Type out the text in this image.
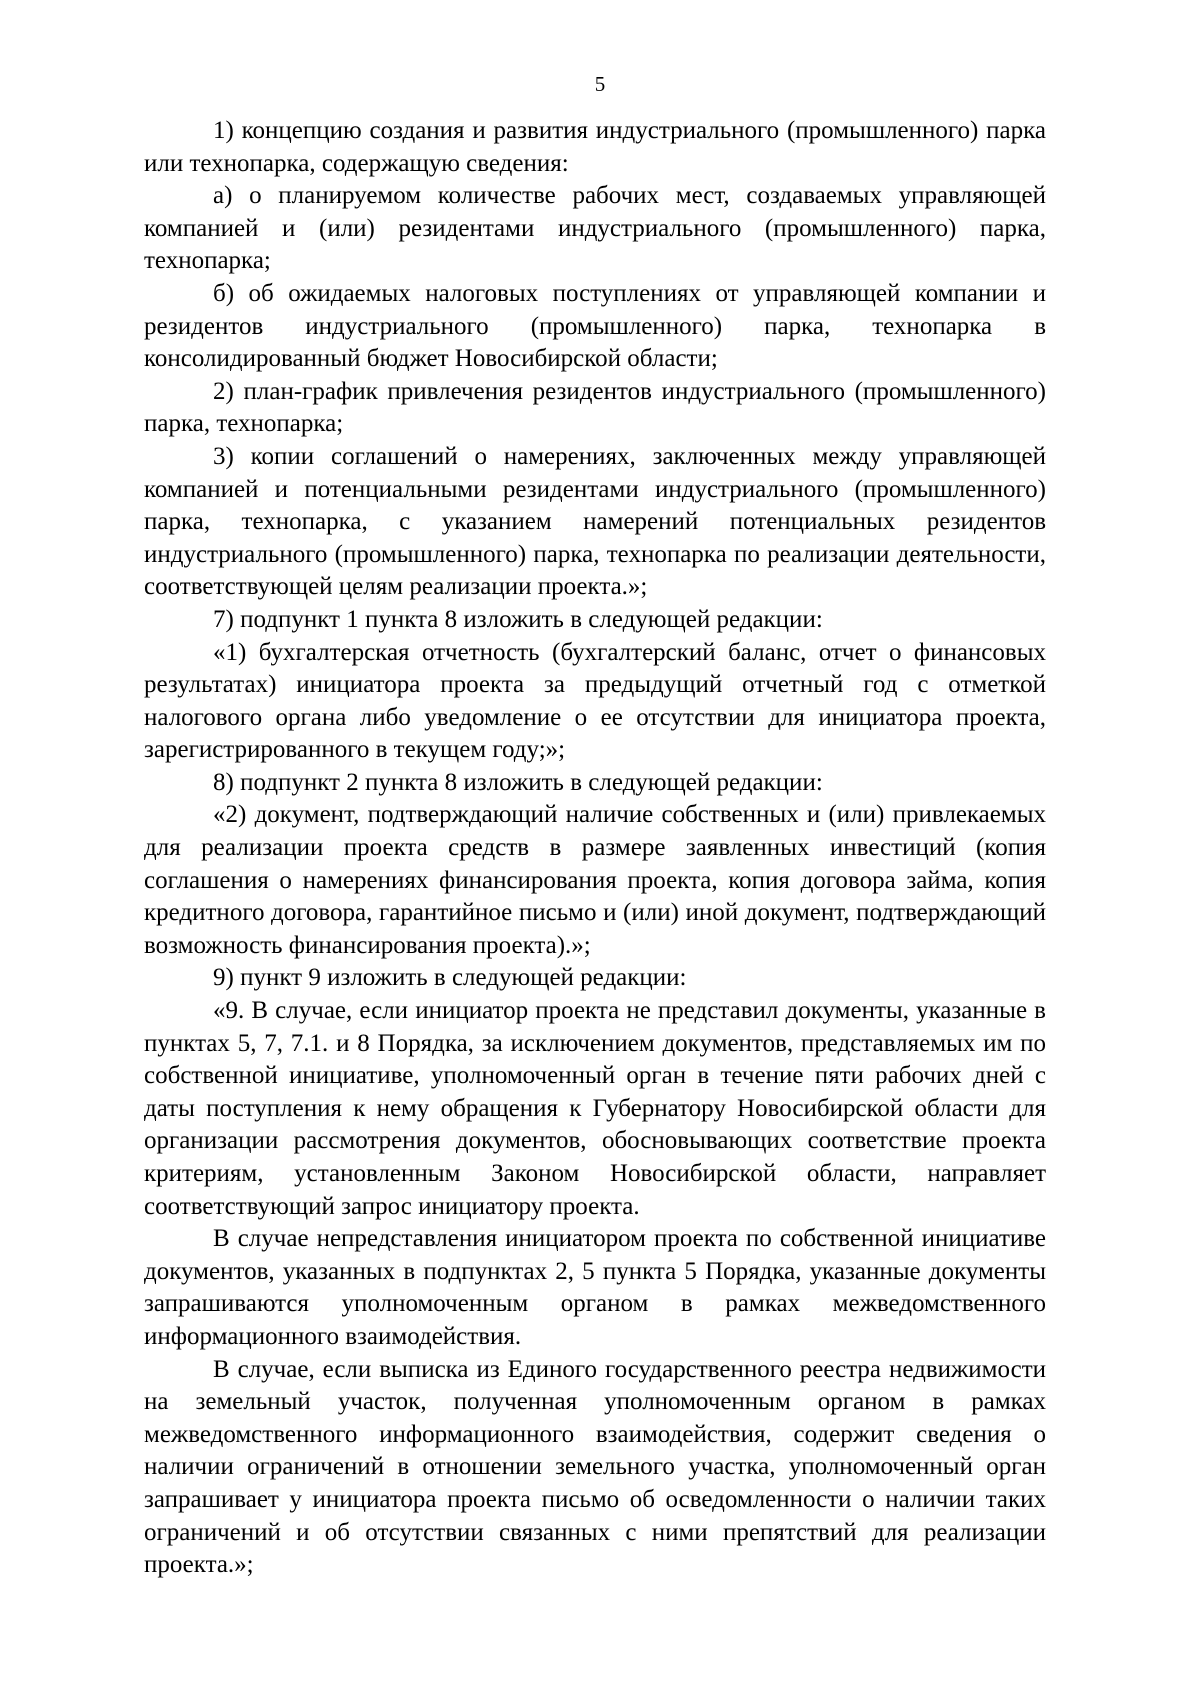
5

1) концепцию создания и развития индустриального (промышленного) парка или технопарка, содержащую сведения:

а) о планируемом количестве рабочих мест, создаваемых управляющей компанией и (или) резидентами индустриального (промышленного) парка, технопарка;

б) об ожидаемых налоговых поступлениях от управляющей компании и резидентов индустриального (промышленного) парка, технопарка в консолидированный бюджет Новосибирской области;

2) план-график привлечения резидентов индустриального (промышленного) парка, технопарка;

3) копии соглашений о намерениях, заключенных между управляющей компанией и потенциальными резидентами индустриального (промышленного) парка, технопарка, с указанием намерений потенциальных резидентов индустриального (промышленного) парка, технопарка по реализации деятельности, соответствующей целям реализации проекта.»;

7) подпункт 1 пункта 8 изложить в следующей редакции:

«1) бухгалтерская отчетность (бухгалтерский баланс, отчет о финансовых результатах) инициатора проекта за предыдущий отчетный год с отметкой налогового органа либо уведомление о ее отсутствии для инициатора проекта, зарегистрированного в текущем году;»;

8) подпункт 2 пункта 8 изложить в следующей редакции:

«2) документ, подтверждающий наличие собственных и (или) привлекаемых для реализации проекта средств в размере заявленных инвестиций (копия соглашения о намерениях финансирования проекта, копия договора займа, копия кредитного договора, гарантийное письмо и (или) иной документ, подтверждающий возможность финансирования проекта).»;

9) пункт 9 изложить в следующей редакции:

«9. В случае, если инициатор проекта не представил документы, указанные в пунктах 5, 7, 7.1. и 8 Порядка, за исключением документов, представляемых им по собственной инициативе, уполномоченный орган в течение пяти рабочих дней с даты поступления к нему обращения к Губернатору Новосибирской области для организации рассмотрения документов, обосновывающих соответствие проекта критериям, установленным Законом Новосибирской области, направляет соответствующий запрос инициатору проекта.

В случае непредставления инициатором проекта по собственной инициативе документов, указанных в подпунктах 2, 5 пункта 5 Порядка, указанные документы запрашиваются уполномоченным органом в рамках межведомственного информационного взаимодействия.

В случае, если выписка из Единого государственного реестра недвижимости на земельный участок, полученная уполномоченным органом в рамках межведомственного информационного взаимодействия, содержит сведения о наличии ограничений в отношении земельного участка, уполномоченный орган запрашивает у инициатора проекта письмо об осведомленности о наличии таких ограничений и об отсутствии связанных с ними препятствий для реализации проекта.»;
